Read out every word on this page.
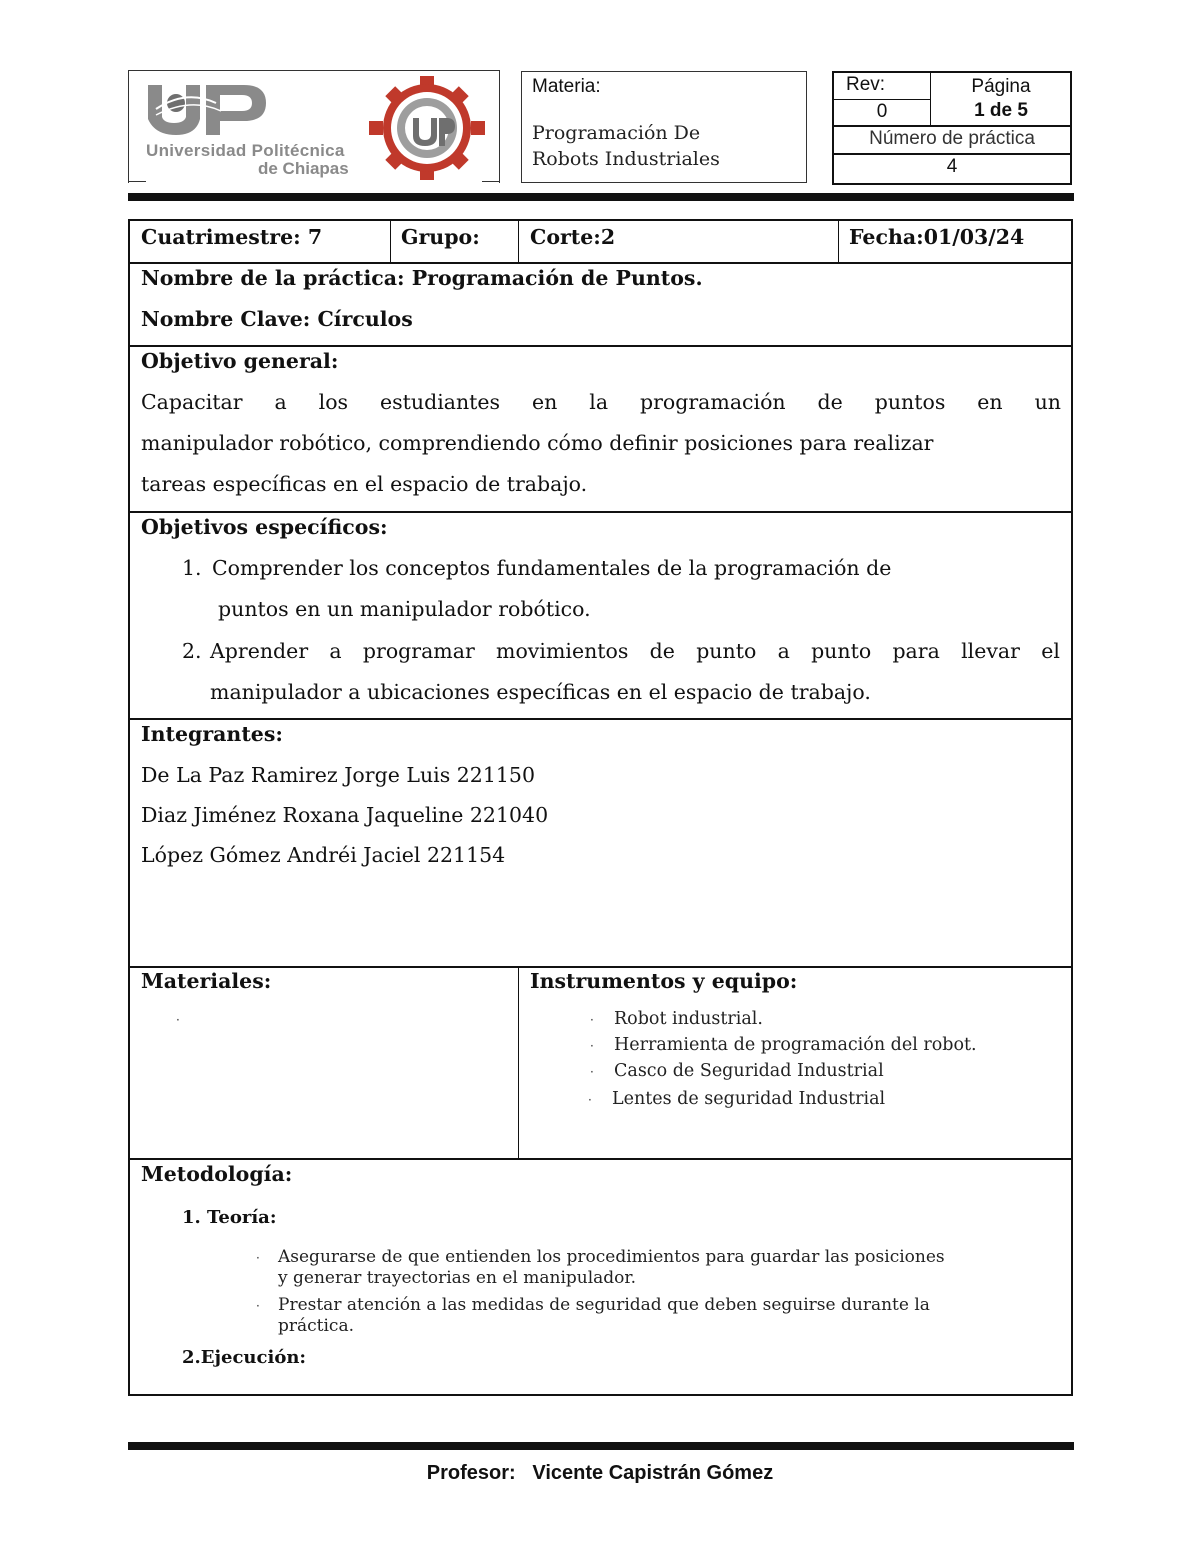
Universidad Politécnica
de Chiapas
Materia:
Programación De
Robots Industriales
Rev:
0
Página
1 de 5
Número de práctica
4
Cuatrimestre: 7	Grupo: Corte:2	Fecha:01/03/24
Nombre de la práctica: Programación de Puntos.
Nombre Clave: Círculos
Objetivo general:
Capacitar a los estudiantes en la programación de puntos en un
manipulador robótico, comprendiendo cómo definir posiciones para realizar
tareas específicas en el espacio de trabajo.
Objetivos específicos:
1. Comprender los conceptos fundamentales de la programación de
puntos en un manipulador robótico.
2. Aprender a programar movimientos de punto a punto para llevar el
manipulador a ubicaciones específicas en el espacio de trabajo.
Integrantes:
De La Paz Ramirez Jorge Luis 221150
Diaz Jiménez Roxana Jaqueline 221040
López Gómez Andréi Jaciel 221154
Materiales:
·
Instrumentos y equipo:
· Robot industrial.
· Herramienta de programación del robot.
· Casco de Seguridad Industrial
· Lentes de seguridad Industrial
Metodología:
1. Teoría:
· Asegurarse de que entienden los procedimientos para guardar las posiciones
y generar trayectorias en el manipulador.
· Prestar atención a las medidas de seguridad que deben seguirse durante la
práctica.
2.Ejecución:
Profesor: Vicente Capistrán Gómez
